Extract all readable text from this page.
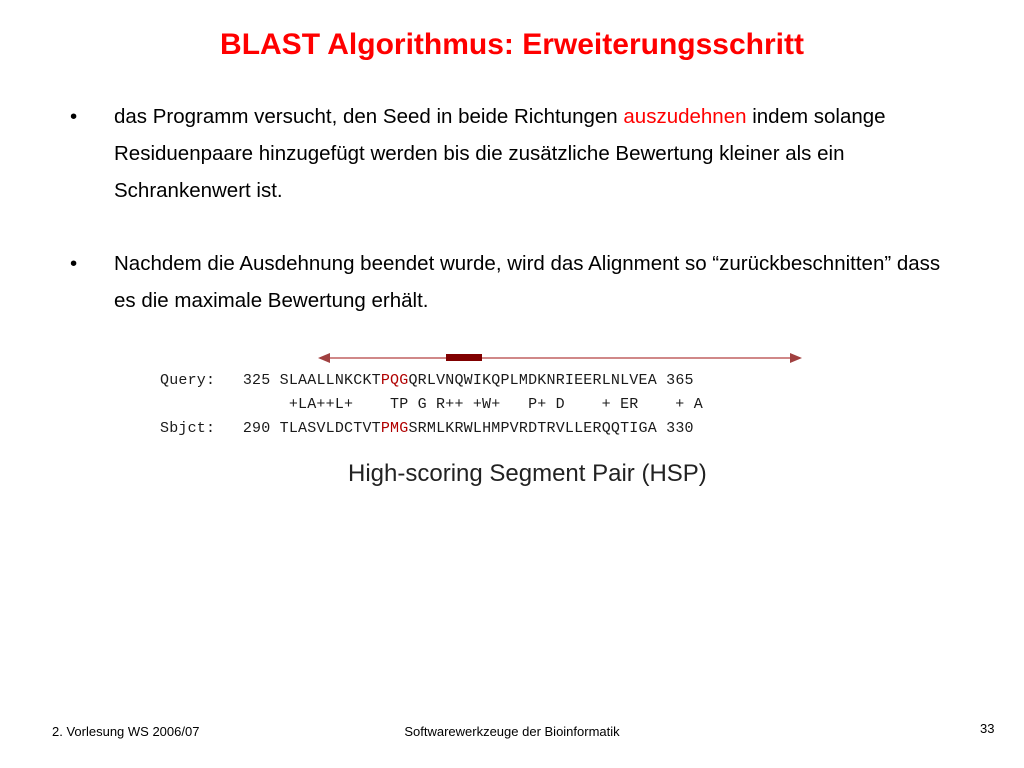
BLAST Algorithmus: Erweiterungsschritt
• das Programm versucht, den Seed in beide Richtungen auszudehnen indem solange Residuenpaare hinzugefügt werden bis die zusätzliche Bewertung kleiner als ein Schrankenwert ist.
• Nachdem die Ausdehnung beendet wurde, wird das Alignment so “zurückbeschnitten” dass es die maximale Bewertung erhält.
Query: 325 SLAALLNKCKTPQGQRLVNQWIKQPLMDKNRIEERLNLVEA 365
+LA++L+    TP G R++ +W+   P+ D    + ER    + A
Sbjct: 290 TLASVLDCTVTPMGSRMLKRWLHMPVRDTRVLLERQQTIGA 330
High-scoring Segment Pair (HSP)
2. Vorlesung WS 2006/07	Softwarewerkzeuge der Bioinformatik	33
